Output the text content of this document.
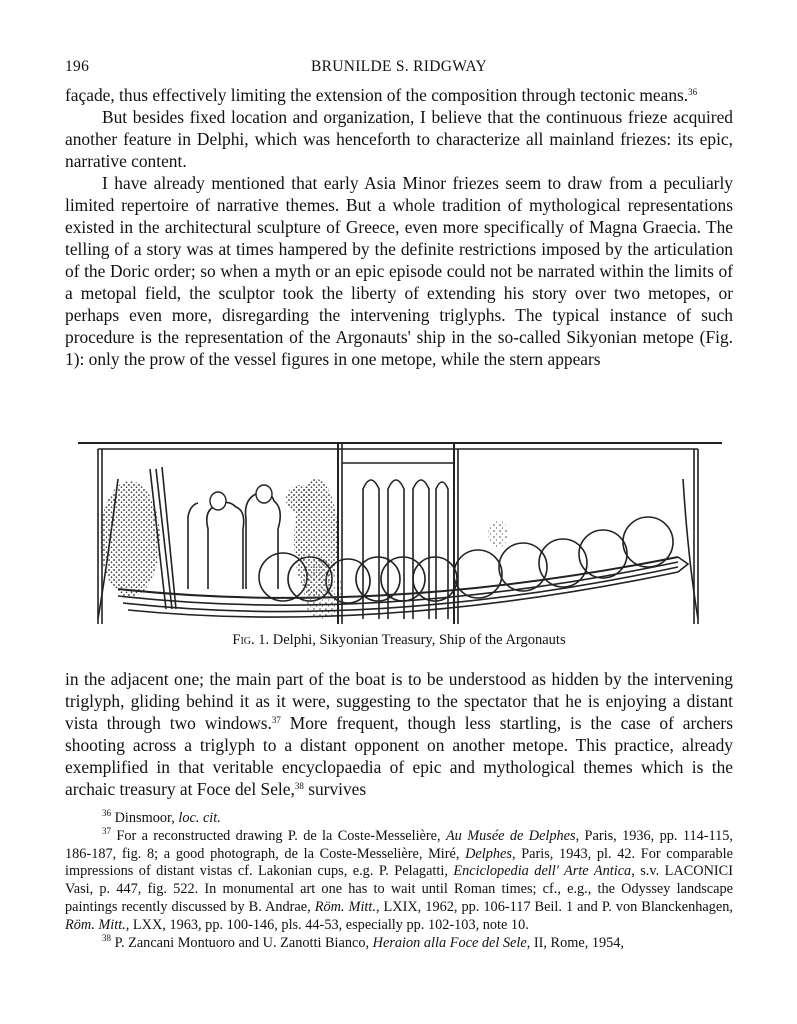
196	BRUNILDE S. RIDGWAY

façade, thus effectively limiting the extension of the composition through tectonic means.$^{36}$

But besides fixed location and organization, I believe that the continuous frieze acquired another feature in Delphi, which was henceforth to characterize all mainland friezes: its epic, narrative content.

I have already mentioned that early Asia Minor friezes seem to draw from a peculiarly limited repertoire of narrative themes. But a whole tradition of mythological representations existed in the architectural sculpture of Greece, even more specifically of Magna Graecia. The telling of a story was at times hampered by the definite restrictions imposed by the articulation of the Doric order; so when a myth or an epic episode could not be narrated within the limits of a metopal field, the sculptor took the liberty of extending his story over two metopes, or perhaps even more, disregarding the intervening triglyphs. The typical instance of such procedure is the representation of the Argonauts' ship in the so-called Sikyonian metope (Fig. 1): only the prow of the vessel figures in one metope, while the stern appears

Fig. 1. Delphi, Sikyonian Treasury, Ship of the Argonauts

in the adjacent one; the main part of the boat is to be understood as hidden by the intervening triglyph, gliding behind it as it were, suggesting to the spectator that he is enjoying a distant vista through two windows.$^{37}$ More frequent, though less startling, is the case of archers shooting across a triglyph to a distant opponent on another metope. This practice, already exemplified in that veritable encyclopaedia of epic and mythological themes which is the archaic treasury at Foce del Sele,$^{38}$ survives

$^{36}$ Dinsmoor, loc. cit.

$^{37}$ For a reconstructed drawing P. de la Coste-Messelière, Au Musée de Delphes, Paris, 1936, pp. 114-115, 186-187, fig. 8; a good photograph, de la Coste-Messelière, Miré, Delphes, Paris, 1943, pl. 42. For comparable impressions of distant vistas cf. Lakonian cups, e.g. P. Pelagatti, Enciclopedia dell' Arte Antica, s.v. LACONICI Vasi, p. 447, fig. 522. In monumental art one has to wait until Roman times; cf., e.g., the Odyssey landscape paintings recently discussed by B. Andrae, Röm. Mitt., LXIX, 1962, pp. 106-117 Beil. 1 and P. von Blanckenhagen, Röm. Mitt., LXX, 1963, pp. 100-146, pls. 44-53, especially pp. 102-103, note 10.

$^{38}$ P. Zancani Montuoro and U. Zanotti Bianco, Heraion alla Foce del Sele, II, Rome, 1954,
